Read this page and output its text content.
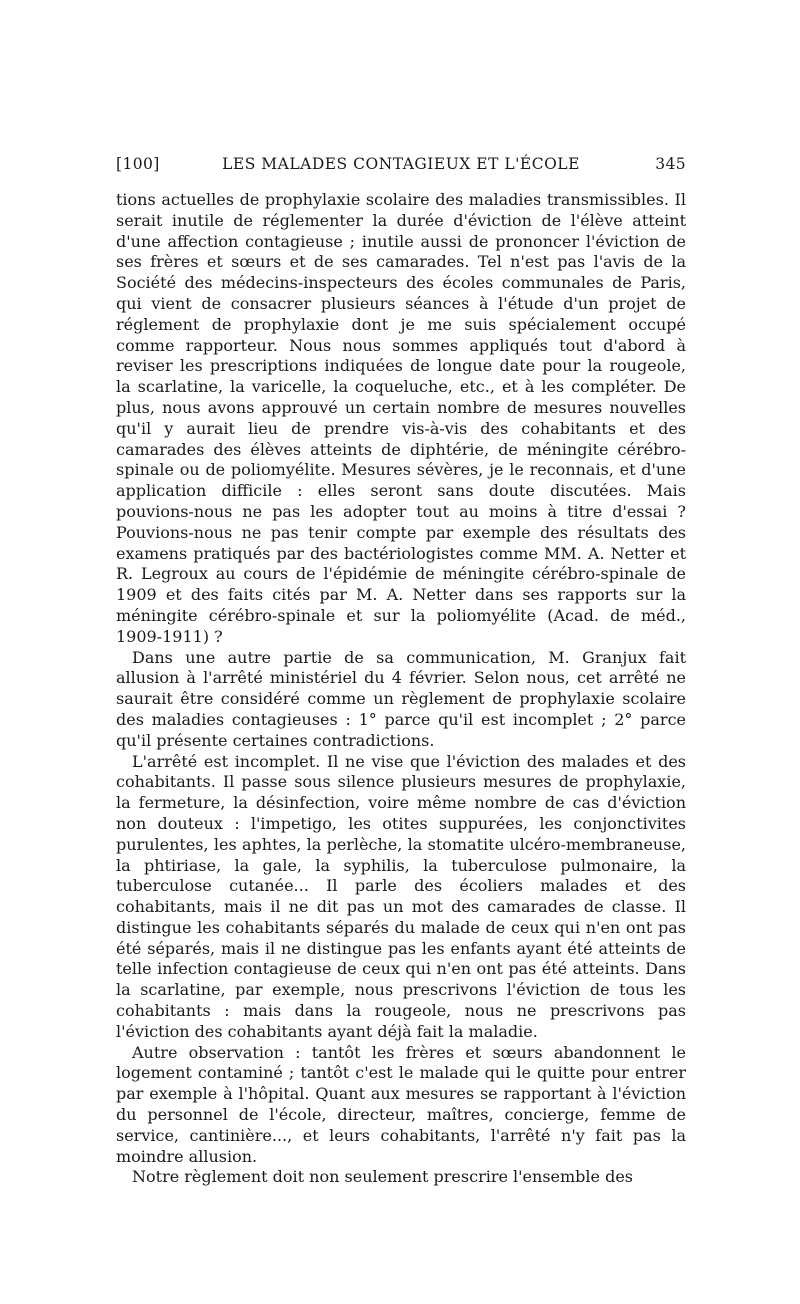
[100]	LES MALADES CONTAGIEUX ET L'ÉCOLE	345

tions actuelles de prophylaxie scolaire des maladies transmissibles. Il serait inutile de réglementer la durée d'éviction de l'élève atteint d'une affection contagieuse ; inutile aussi de prononcer l'éviction de ses frères et sœurs et de ses camarades. Tel n'est pas l'avis de la Société des médecins-inspecteurs des écoles communales de Paris, qui vient de consacrer plusieurs séances à l'étude d'un projet de réglement de prophylaxie dont je me suis spécialement occupé comme rapporteur. Nous nous sommes appliqués tout d'abord à reviser les prescriptions indiquées de longue date pour la rougeole, la scarlatine, la varicelle, la coqueluche, etc., et à les compléter. De plus, nous avons approuvé un certain nombre de mesures nouvelles qu'il y aurait lieu de prendre vis-à-vis des cohabitants et des camarades des élèves atteints de diphtérie, de méningite cérébro-spinale ou de poliomyélite. Mesures sévères, je le reconnais, et d'une application difficile : elles seront sans doute discutées. Mais pouvions-nous ne pas les adopter tout au moins à titre d'essai ? Pouvions-nous ne pas tenir compte par exemple des résultats des examens pratiqués par des bactériologistes comme MM. A. Netter et R. Legroux au cours de l'épidémie de méningite cérébro-spinale de 1909 et des faits cités par M. A. Netter dans ses rapports sur la méningite cérébro-spinale et sur la poliomyélite (Acad. de méd., 1909-1911) ?

Dans une autre partie de sa communication, M. Granjux fait allusion à l'arrêté ministériel du 4 février. Selon nous, cet arrêté ne saurait être considéré comme un règlement de prophylaxie scolaire des maladies contagieuses : 1° parce qu'il est incomplet ; 2° parce qu'il présente certaines contradictions.

L'arrêté est incomplet. Il ne vise que l'éviction des malades et des cohabitants. Il passe sous silence plusieurs mesures de prophylaxie, la fermeture, la désinfection, voire même nombre de cas d'éviction non douteux : l'impetigo, les otites suppurées, les conjonctivites purulentes, les aphtes, la perlèche, la stomatite ulcéro-membraneuse, la phtiriase, la gale, la syphilis, la tuberculose pulmonaire, la tuberculose cutanée... Il parle des écoliers malades et des cohabitants, mais il ne dit pas un mot des camarades de classe. Il distingue les cohabitants séparés du malade de ceux qui n'en ont pas été séparés, mais il ne distingue pas les enfants ayant été atteints de telle infection contagieuse de ceux qui n'en ont pas été atteints. Dans la scarlatine, par exemple, nous prescrivons l'éviction de tous les cohabitants : mais dans la rougeole, nous ne prescrivons pas l'éviction des cohabitants ayant déjà fait la maladie.

Autre observation : tantôt les frères et sœurs abandonnent le logement contaminé ; tantôt c'est le malade qui le quitte pour entrer par exemple à l'hôpital. Quant aux mesures se rapportant à l'éviction du personnel de l'école, directeur, maîtres, concierge, femme de service, cantinière..., et leurs cohabitants, l'arrêté n'y fait pas la moindre allusion.

Notre règlement doit non seulement prescrire l'ensemble des
